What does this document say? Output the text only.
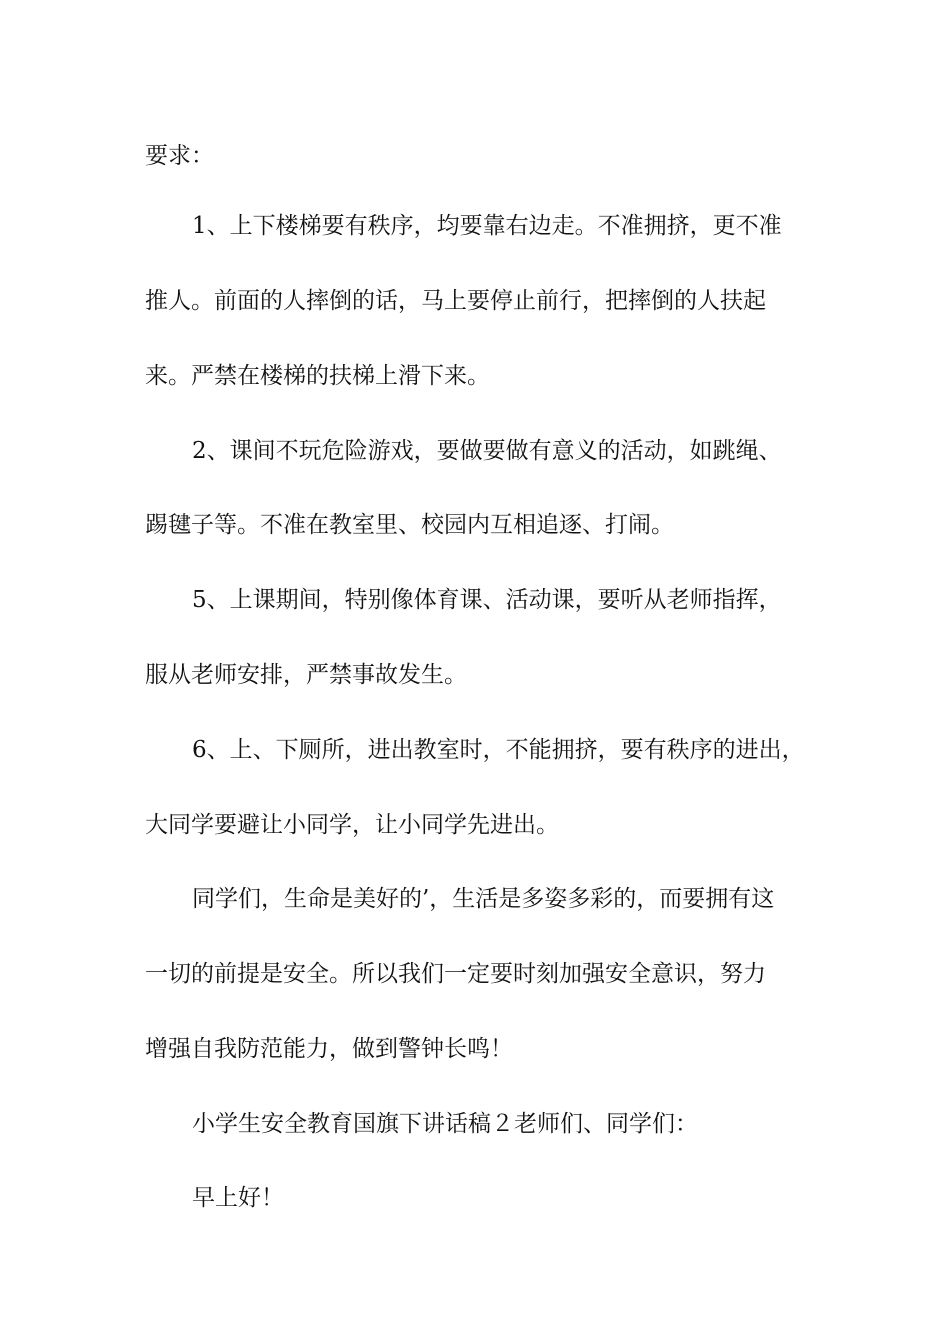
要求：
1、上下楼梯要有秩序，均要靠右边走。不准拥挤，更不准
推人。前面的人摔倒的话，马上要停止前行，把摔倒的人扶起
来。严禁在楼梯的扶梯上滑下来。
2、课间不玩危险游戏，要做要做有意义的活动，如跳绳、
踢毽子等。不准在教室里、校园内互相追逐、打闹。
5、上课期间，特别像体育课、活动课，要听从老师指挥，
服从老师安排，严禁事故发生。
6、上、下厕所，进出教室时，不能拥挤，要有秩序的进出，
大同学要避让小同学，让小同学先进出。
同学们，生命是美好的’，生活是多姿多彩的，而要拥有这
一切的前提是安全。所以我们一定要时刻加强安全意识，努力
增强自我防范能力，做到警钟长鸣！
小学生安全教育国旗下讲话稿２老师们、同学们：
早上好！
